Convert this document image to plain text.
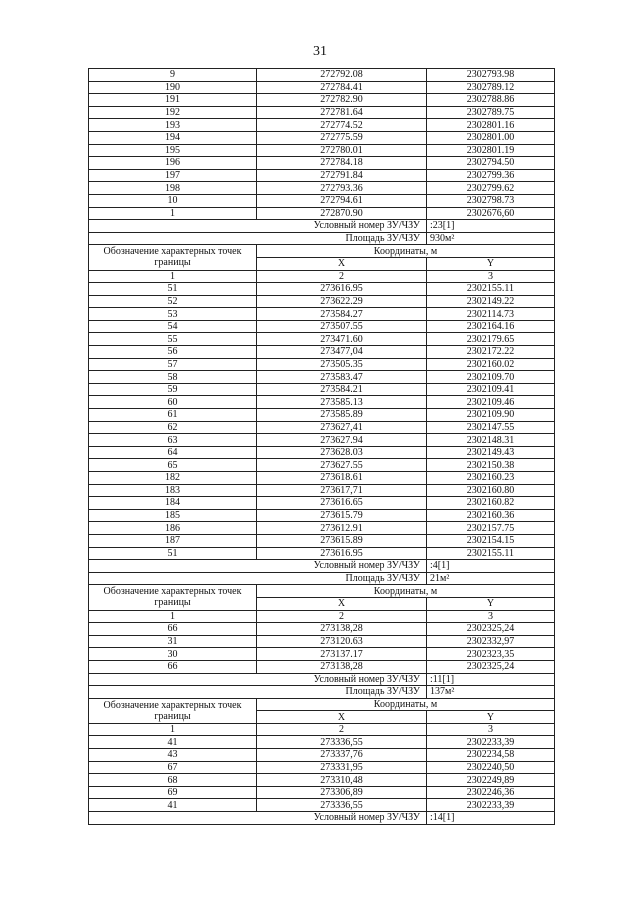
31
9	272792.08	2302793.98
190	272784.41	2302789.12
191	272782.90	2302788.86
192	272781.64	2302789.75
193	272774.52	2302801.16
194	272775.59	2302801.00
195	272780.01	2302801.19
196	272784.18	2302794.50
197	272791.84	2302799.36
198	272793.36	2302799.62
10	272794.61	2302798.73
1	272870.90	2302676,60
Условный номер ЗУ/ЧЗУ		:23[1]
Площадь ЗУ/ЧЗУ		930м²
Обозначение характерных точек границы	Координаты, м	
	X	Y
1	2	3
51	273616.95	2302155.11
52	273622.29	2302149.22
53	273584.27	2302114.73
54	273507.55	2302164.16
55	273471.60	2302179.65
56	273477,04	2302172.22
57	273505.35	2302160.02
58	273583.47	2302109.70
59	273584.21	2302109.41
60	273585.13	2302109.46
61	273585.89	2302109.90
62	273627,41	2302147.55
63	273627.94	2302148.31
64	273628.03	2302149.43
65	273627.55	2302150.38
182	273618.61	2302160.23
183	273617,71	2302160.80
184	273616.65	2302160.82
185	273615.79	2302160.36
186	273612.91	2302157.75
187	273615.89	2302154.15
51	273616.95	2302155.11
Условный номер ЗУ/ЧЗУ		:4[1]
Площадь ЗУ/ЧЗУ		21м²
Обозначение характерных точек границы	Координаты, м	
	X	Y
1	2	3
66	273138,28	2302325,24
31	273120.63	2302332,97
30	273137.17	2302323,35
66	273138,28	2302325,24
Условный номер ЗУ/ЧЗУ		:11[1]
Площадь ЗУ/ЧЗУ		137м²
Обозначение характерных точек границы	Координаты, м	
	X	Y
1	2	3
41	273336,55	2302233,39
43	273337,76	2302234,58
67	273331,95	2302240,50
68	273310,48	2302249,89
69	273306,89	2302246,36
41	273336,55	2302233,39
Условный номер ЗУ/ЧЗУ		:14[1]
